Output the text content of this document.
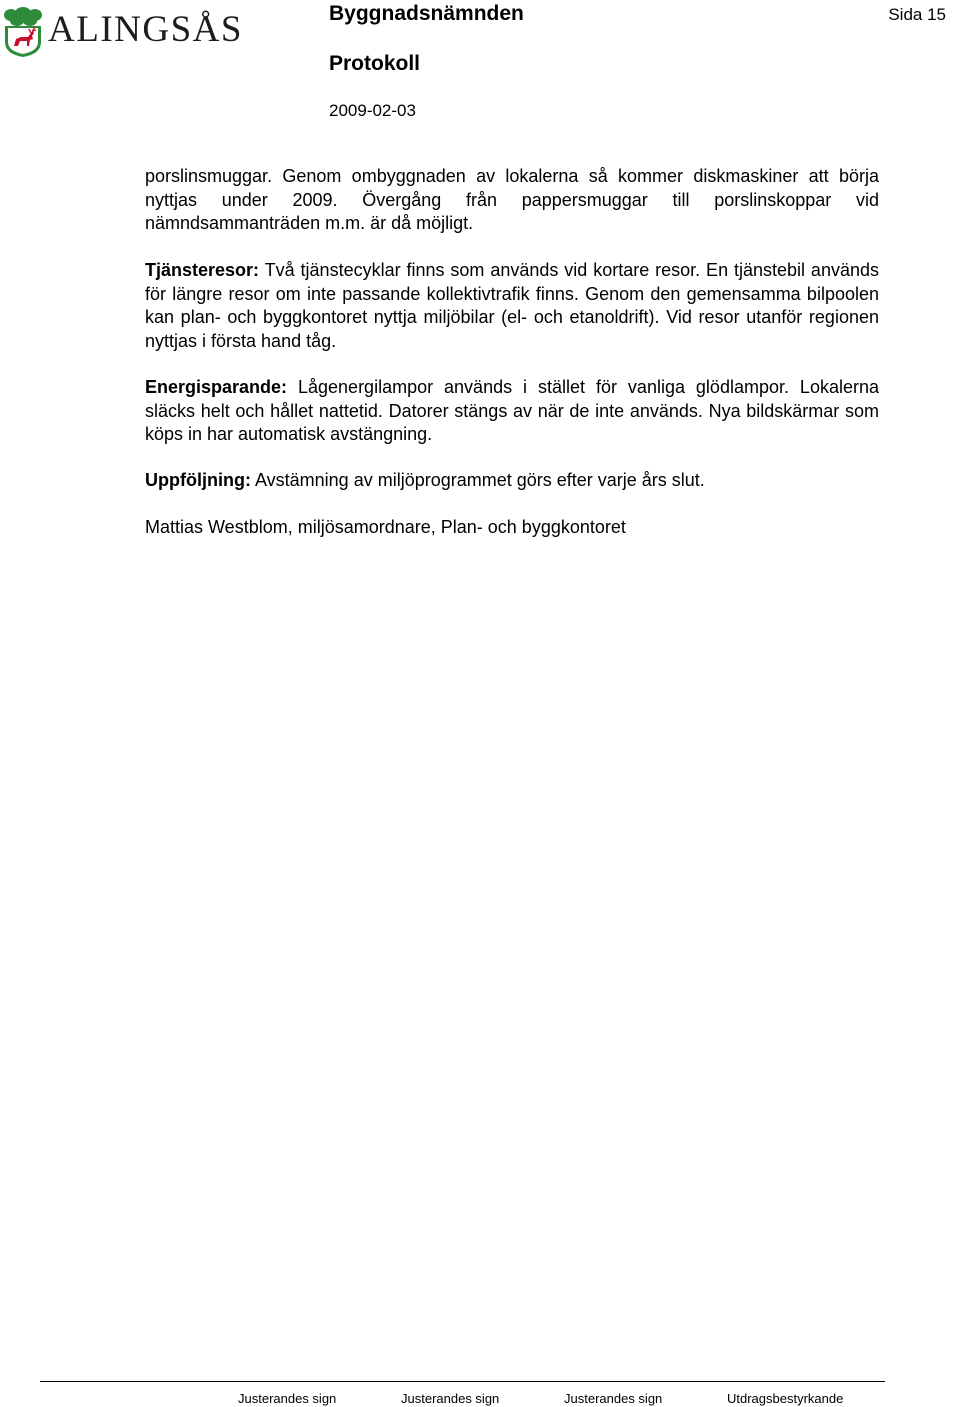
ALINGSÅS	Byggnadsnämnden
Protokoll
2009-02-03
Sida 15

porslinsmuggar. Genom ombyggnaden av lokalerna så kommer diskmaskiner att börja nyttjas under 2009. Övergång från pappersmuggar till porslinskoppar vid nämndsammanträden m.m. är då möjligt.

Tjänsteresor: Två tjänstecyklar finns som används vid kortare resor. En tjänstebil används för längre resor om inte passande kollektivtrafik finns. Genom den gemensamma bilpoolen kan plan- och byggkontoret nyttja miljöbilar (el- och etanoldrift). Vid resor utanför regionen nyttjas i första hand tåg.

Energisparande: Lågenergilampor används i stället för vanliga glödlampor. Lokalerna släcks helt och hållet nattetid. Datorer stängs av när de inte används. Nya bildskärmar som köps in har automatisk avstängning.

Uppföljning: Avstämning av miljöprogrammet görs efter varje års slut.

Mattias Westblom, miljösamordnare, Plan- och byggkontoret

Justerandes sign	Justerandes sign	Justerandes sign	Utdragsbestyrkande
